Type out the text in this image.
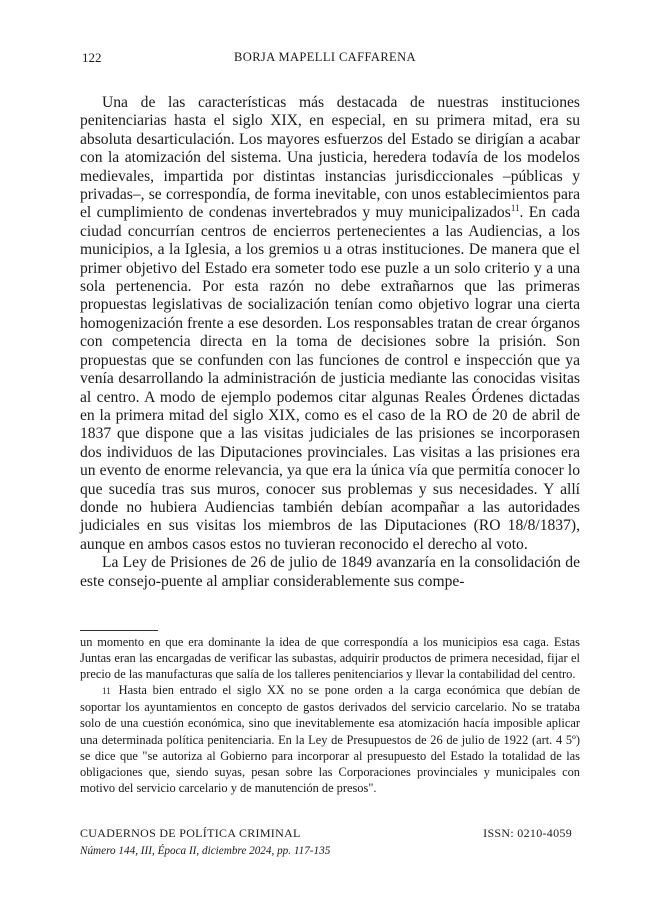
122	BORJA MAPELLI CAFFARENA

Una de las características más destacada de nuestras instituciones penitenciarias hasta el siglo XIX, en especial, en su primera mitad, era su absoluta desarticulación. Los mayores esfuerzos del Estado se dirigían a acabar con la atomización del sistema. Una justicia, heredera todavía de los modelos medievales, impartida por distintas instancias jurisdiccionales –públicas y privadas–, se correspondía, de forma inevitable, con unos establecimientos para el cumplimiento de condenas invertebrados y muy municipalizados$^{11}$. En cada ciudad concurrían centros de encierros pertenecientes a las Audiencias, a los municipios, a la Iglesia, a los gremios u a otras instituciones. De manera que el primer objetivo del Estado era someter todo ese puzle a un solo criterio y a una sola pertenencia. Por esta razón no debe extrañarnos que las primeras propuestas legislativas de socialización tenían como objetivo lograr una cierta homogenización frente a ese desorden. Los responsables tratan de crear órganos con competencia directa en la toma de decisiones sobre la prisión. Son propuestas que se confunden con las funciones de control e inspección que ya venía desarrollando la administración de justicia mediante las conocidas visitas al centro. A modo de ejemplo podemos citar algunas Reales Órdenes dictadas en la primera mitad del siglo XIX, como es el caso de la RO de 20 de abril de 1837 que dispone que a las visitas judiciales de las prisiones se incorporasen dos individuos de las Diputaciones provinciales. Las visitas a las prisiones era un evento de enorme relevancia, ya que era la única vía que permitía conocer lo que sucedía tras sus muros, conocer sus problemas y sus necesidades. Y allí donde no hubiera Audiencias también debían acompañar a las autoridades judiciales en sus visitas los miembros de las Diputaciones (RO 18/8/1837), aunque en ambos casos estos no tuvieran reconocido el derecho al voto.

La Ley de Prisiones de 26 de julio de 1849 avanzaría en la consolidación de este consejo-puente al ampliar considerablemente sus compe-

un momento en que era dominante la idea de que correspondía a los municipios esa caga. Estas Juntas eran las encargadas de verificar las subastas, adquirir productos de primera necesidad, fijar el precio de las manufacturas que salía de los talleres penitenciarios y llevar la contabilidad del centro.

11 Hasta bien entrado el siglo XX no se pone orden a la carga económica que debían de soportar los ayuntamientos en concepto de gastos derivados del servicio carcelario. No se trataba solo de una cuestión económica, sino que inevitablemente esa atomización hacía imposible aplicar una determinada política penitenciaria. En la Ley de Presupuestos de 26 de julio de 1922 (art. 4 5º) se dice que "se autoriza al Gobierno para incorporar al presupuesto del Estado la totalidad de las obligaciones que, siendo suyas, pesan sobre las Corporaciones provinciales y municipales con motivo del servicio carcelario y de manutención de presos".

CUADERNOS DE POLÍTICA CRIMINAL	ISSN: 0210-4059
Número 144, III, Época II, diciembre 2024, pp. 117-135
